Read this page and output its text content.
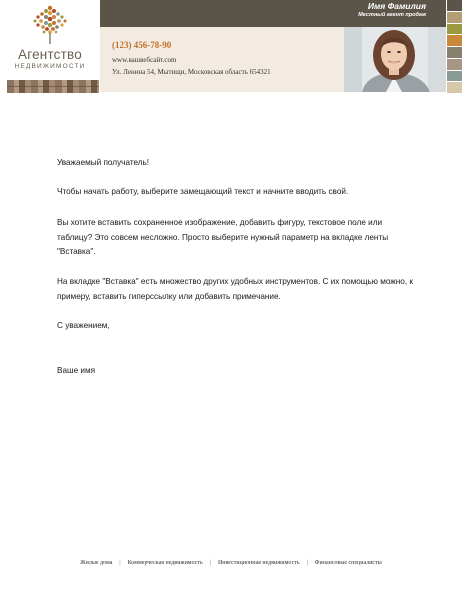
Агентство
НЕДВИЖИМОСТИ
Имя Фамилия
Местный агент продаж
(123) 456-78-90
www.вашвебсайт.com
Ул. Ленина 54, Мытищи, Московская область 654321
Уважаемый получатель!
Чтобы начать работу, выберите замещающий текст и начните вводить свой.
Вы хотите вставить сохраненное изображение, добавить фигуру, текстовое поле или таблицу? Это совсем несложно. Просто выберите нужный параметр на вкладке ленты "Вставка".
На вкладке "Вставка" есть множество других удобных инструментов. С их помощью можно, к примеру, вставить гиперссылку или добавить примечание.
С уважением,
Ваше имя
Жилые дома | Коммерческая недвижимость | Инвестиционная недвижимость | Финансовые специалисты
